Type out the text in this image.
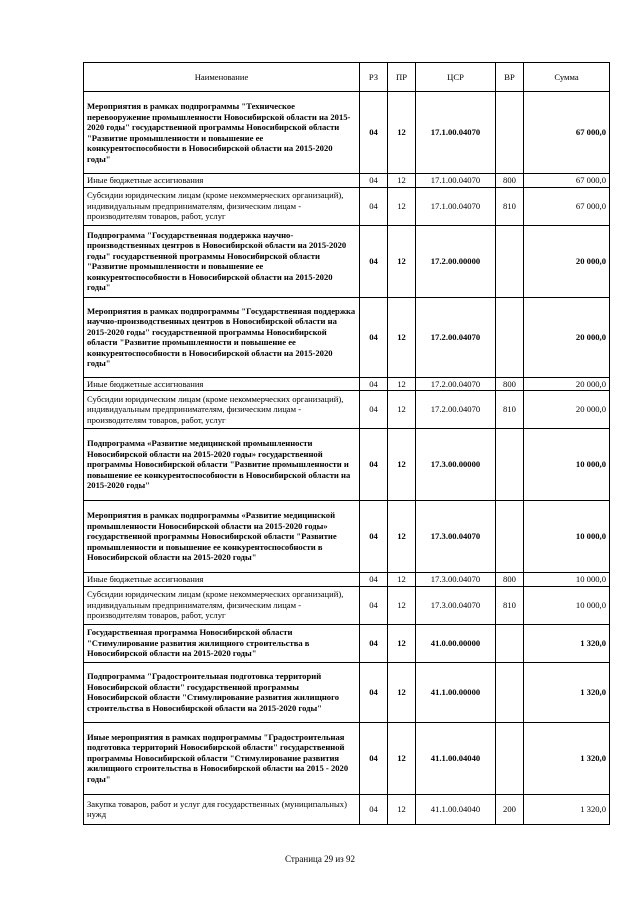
Наименование	РЗ	ПР	ЦСР	ВР	Сумма
Мероприятия в рамках подпрограммы "Техническое перевооружение промышленности Новосибирской области на 2015-2020 годы" государственной программы Новосибирской области "Развитие промышленности и повышение ее конкурентоспособности в Новосибирской области на 2015-2020 годы"	04	12	17.1.00.04070		67 000,0
Иные бюджетные ассигнования	04	12	17.1.00.04070	800	67 000,0
Субсидии юридическим лицам (кроме некоммерческих организаций), индивидуальным предпринимателям, физическим лицам - производителям товаров, работ, услуг	04	12	17.1.00.04070	810	67 000,0
Подпрограмма "Государственная поддержка научно-производственных центров в Новосибирской области на 2015-2020 годы" государственной программы Новосибирской области "Развитие промышленности и повышение ее конкурентоспособности в Новосибирской области на 2015-2020 годы"	04	12	17.2.00.00000		20 000,0
Мероприятия в рамках подпрограммы "Государственная поддержка научно-производственных центров в Новосибирской области на 2015-2020 годы" государственной программы Новосибирской области "Развитие промышленности и повышение ее конкурентоспособности в Новосибирской области на 2015-2020 годы"	04	12	17.2.00.04070		20 000,0
Иные бюджетные ассигнования	04	12	17.2.00.04070	800	20 000,0
Субсидии юридическим лицам (кроме некоммерческих организаций), индивидуальным предпринимателям, физическим лицам - производителям товаров, работ, услуг	04	12	17.2.00.04070	810	20 000,0
Подпрограмма «Развитие медицинской промышленности Новосибирской области на 2015-2020 годы» государственной программы Новосибирской области "Развитие промышленности и повышение ее конкурентоспособности в Новосибирской области на 2015-2020 годы"	04	12	17.3.00.00000		10 000,0
Мероприятия в рамках подпрограммы «Развитие медицинской промышленности Новосибирской области на 2015-2020 годы» государственной программы Новосибирской области "Развитие промышленности и повышение ее конкурентоспособности в Новосибирской области на 2015-2020 годы"	04	12	17.3.00.04070		10 000,0
Иные бюджетные ассигнования	04	12	17.3.00.04070	800	10 000,0
Субсидии юридическим лицам (кроме некоммерческих организаций), индивидуальным предпринимателям, физическим лицам - производителям товаров, работ, услуг	04	12	17.3.00.04070	810	10 000,0
Государственная программа Новосибирской области "Стимулирование развития жилищного строительства в Новосибирской области на 2015-2020 годы"	04	12	41.0.00.00000		1 320,0
Подпрограмма "Градостроительная подготовка территорий Новосибирской области" государственной программы Новосибирской области "Стимулирование развития жилищного строительства в Новосибирской области на 2015-2020 годы"	04	12	41.1.00.00000		1 320,0
Иные мероприятия в рамках подпрограммы "Градостроительная подготовка территорий Новосибирской области" государственной программы Новосибирской области "Стимулирование развития жилищного строительства в Новосибирской области на 2015 - 2020 годы"	04	12	41.1.00.04040		1 320,0
Закупка товаров, работ и услуг для государственных (муниципальных) нужд	04	12	41.1.00.04040	200	1 320,0
Страница 29 из 92
